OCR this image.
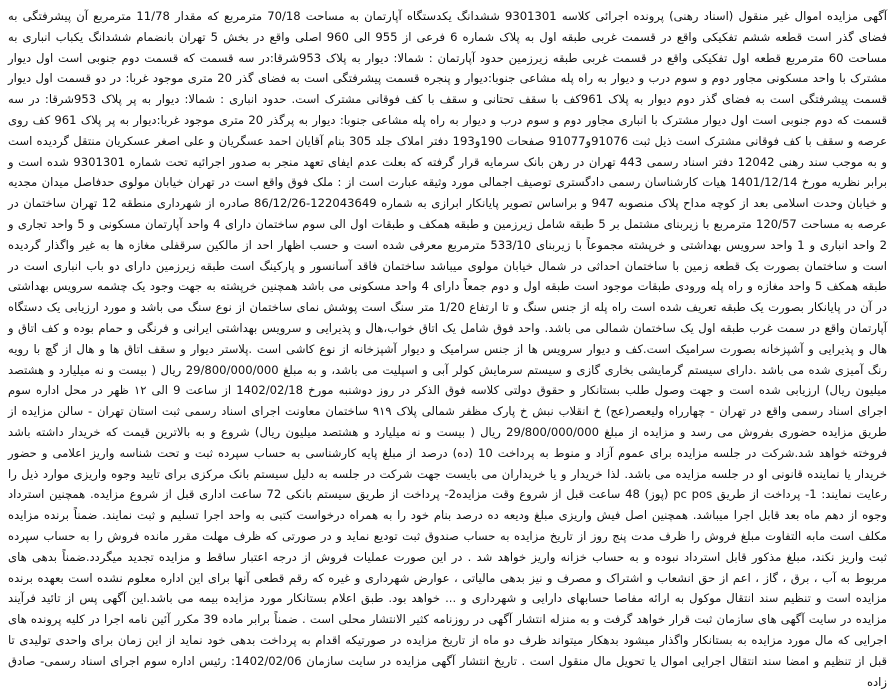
آگهی مزایده اموال غیر منقول (اسناد رهنی) پرونده اجرائی کلاسه 9301301 ششدانگ یکدستگاه آپارتمان به مساحت 70/18 مترمربع که مقدار 11/78 مترمربع آن پیشرفتگی به فضای گذر است قطعه ششم تفکیکی واقع در قسمت غربی طبقه اول به پلاک شماره 6 فرعی از 955 الی 960 اصلی واقع در بخش 5 تهران بانضمام ششدانگ یکباب انباری به مساحت 60 مترمربع قطعه اول تفکیکی واقع در قسمت غربی طبقه زیرزمین حدود آپارتمان : شمالا: دیوار به پلاک 953شرقا:در سه قسمت که قسمت دوم جنوبی است اول دیوار مشترک با واحد مسکونی مجاور دوم و سوم درب و دیوار به راه پله مشاعی جنوبا:دیوار و پنجره قسمت پیشرفتگی است به فضای گذر 20 متری موجود غربا: در دو قسمت اول دیوار قسمت پیشرفتگی است به فضای گذر دوم دیوار به پلاک 961کف با سقف تحتانی و سقف با کف فوقانی مشترک است. حدود انباری : شمالا: دیوار به پر پلاک 953شرقا: در سه قسمت که دوم جنوبی است اول دیوار مشترک با انباری مجاور دوم و سوم درب و دیوار به راه پله مشاعی جنوبا: دیوار به پرگذر 20 متری موجود غربا:دیوار به پر پلاک 961 کف روی عرصه و سقف با کف فوقانی مشترک است ذیل ثبت 91076و91077 صفحات 190و193 دفتر املاک جلد 305 بنام آقایان احمد عسگریان و علی اصغر عسکریان منتقل گردیده است و به موجب سند رهنی 12042 دفتر اسناد رسمی 443 تهران در رهن بانک سرمایه قرار گرفته که بعلت عدم ایفای تعهد منجر به صدور اجرائیه تحت شماره 9301301 شده است و برابر نظریه مورخ 1401/12/14 هیات کارشناسان رسمی دادگستری توصیف اجمالی مورد وثیقه عبارت است از : ملک فوق واقع است در تهران خیابان مولوی حدفاصل میدان مجدیه و خیابان وحدت اسلامی بعد از کوچه مداح پلاک منصوبه 947 و براساس تصویر پایانکار ابرازی به شماره 122043649-86/12/26 صادره از شهرداری منطقه 12 تهران ساختمان در عرصه به مساحت 120/57 مترمربع با زیربنای مشتمل بر 5 طبقه شامل زیرزمین و طبقه همکف و طبقات اول الی سوم ساختمان دارای 4 واحد آپارتمان مسکونی و 5 واحد تجاری و 2 واحد انباری و 1 واحد سرویس بهداشتی و خرپشته مجموعاً با زیربنای 533/10 مترمربع معرفی شده است و حسب اظهار احد از مالکین سرقفلی مغازه ها به غیر واگذار گردیده است و ساختمان بصورت یک قطعه زمین با ساختمان احداثی در شمال خیابان مولوی میباشد ساختمان فاقد آسانسور و پارکینگ است طبقه زیرزمین دارای دو باب انباری است در طبقه همکف 5 واحد مغازه و راه پله ورودی طبقات موجود است طبقه اول و دوم جمعاً دارای 4 واحد مسکونی می باشد همچنین خرپشته به جهت وجود یک چشمه سرویس بهداشتی در آن در پایانکار بصورت یک طبقه تعریف شده است راه پله از جنس سنگ و تا ارتفاع 1/20 متر سنگ است پوشش نمای ساختمان از نوع سنگ می باشد و مورد ارزیابی یک دستگاه آپارتمان واقع در سمت غرب طبقه اول یک ساختمان شمالی می باشد. واحد فوق شامل یک اتاق خواب،هال و پذیرایی و سرویس بهداشتی ایرانی و فرنگی و حمام بوده و کف اتاق و هال و پذیرایی و آشپزخانه بصورت سرامیک است.کف و دیوار سرویس ها از جنس سرامیک و دیوار آشپزخانه از نوع کاشی است .پلاستر دیوار و سقف اتاق ها و هال از گچ با رویه رنگ آمیزی شده می باشد .دارای سیستم گرمایشی بخاری گازی و سیستم سرمایش کولر آبی و اسپلیت می باشد، و به مبلغ 29/800/000/000 ریال ( بیست و نه میلیارد و هشتصد میلیون ریال) ارزیابی شده است و جهت وصول طلب بستانکار و حقوق دولتی کلاسه فوق الذکر در روز دوشنبه مورخ 1402/02/18 از ساعت 9 الی ١٢ ظهر در محل اداره سوم اجرای اسناد رسمی واقع در تهران - چهارراه ولیعصر(عج) خ انقلاب نبش خ پارک مظفر شمالی پلاک ۹۱۹ ساختمان معاونت اجرای اسناد رسمی ثبت استان تهران - سالن مزایده از طریق مزایده حضوری بفروش می رسد و مزایده از مبلغ 29/800/000/000 ریال ( بیست و نه میلیارد و هشتصد میلیون ریال) شروع و به بالاترین قیمت که خریدار داشته باشد فروخته خواهد شد.شرکت در جلسه مزایده برای عموم آزاد و منوط به پرداخت 10 (ده) درصد از مبلغ پایه کارشناسی به حساب سپرده ثبت و تحت شناسه واریز اعلامی و حضور خریدار یا نماینده قانونی او در جلسه مزایده می باشد. لذا خریدار و یا خریداران می بایست جهت شرکت در جلسه به دلیل سیستم بانک مرکزی برای تایید وجوه واریزی موارد ذیل را رعایت نمایند: 1- پرداخت از طریق pc pos (پوز) 48 ساعت قبل از شروع وقت مزایده2- پرداخت از طریق سیستم بانکی 72 ساعت اداری قبل از شروع مزایده. همچنین استرداد وجوه از دهم ماه بعد قابل اجرا میباشد. همچنین اصل فیش واریزی مبلغ ودیعه ده درصد بنام خود را به همراه درخواست کتبی به واحد اجرا تسلیم و ثبت نمایند. ضمناً برنده مزایده مکلف است مابه التفاوت مبلغ فروش را ظرف مدت پنج روز از تاریخ مزایده به حساب صندوق ثبت تودیع نماید و در صورتی که ظرف مهلت مقرر مانده فروش را به حساب سپرده ثبت واریز نکند، مبلغ مذکور قابل استرداد نبوده و به حساب خزانه واریز خواهد شد . در این صورت عملیات فروش از درجه اعتبار ساقط و مزایده تجدید میگردد.ضمناً بدهی های مربوط به آب ، برق ، گاز ، اعم از حق انشعاب و اشتراک و مصرف و نیز بدهی مالیاتی ، عوارض شهرداری و غیره که رقم قطعی آنها برای این اداره معلوم نشده است بعهده برنده مزایده است و تنظیم سند انتقال موکول به ارائه مفاصا حسابهای دارایی و شهرداری و ... خواهد بود. طبق اعلام بستانکار مورد مزایده بیمه می باشد.این آگهی پس از تائید فرآیند مزایده در سایت آگهی های سازمان ثبت قرار خواهد گرفت و به منزله انتشار آگهی در روزنامه کثیر الانتشار محلی است . ضمناً برابر ماده 39 مکرر آئین نامه اجرا در کلیه پرونده های اجرایی که مال مورد مزایده به بستانکار واگذار میشود بدهکار میتواند ظرف دو ماه از تاریخ مزایده در صورتیکه اقدام به پرداخت بدهی خود نماید از این زمان برای واحدی تولیدی تا قبل از تنظیم و امضا سند انتقال اجرایی اموال یا تحویل مال منقول است . تاریخ انتشار آگهی مزایده در سایت سازمان 1402/02/06: رئیس اداره سوم اجرای اسناد رسمی- صادق زاده
